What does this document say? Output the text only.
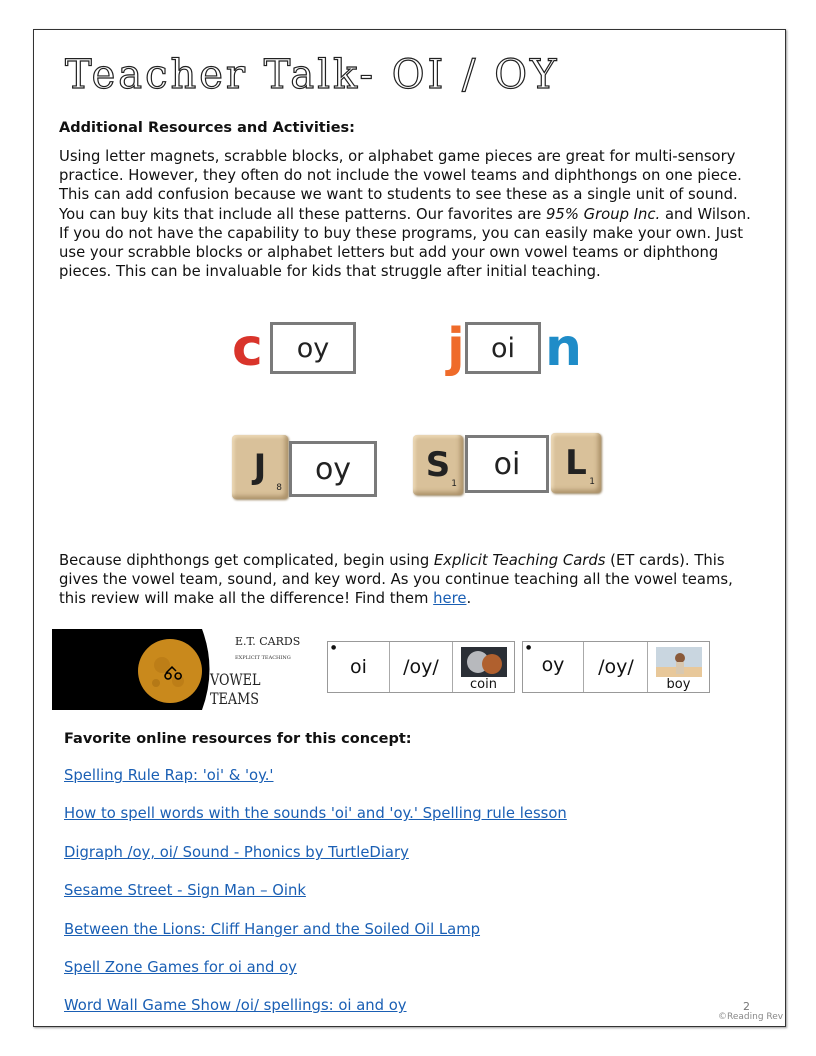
Teacher Talk- OI / OY
Additional Resources and Activities:
Using letter magnets, scrabble blocks, or alphabet game pieces are great for multi-sensory practice. However, they often do not include the vowel teams and diphthongs on one piece. This can add confusion because we want to students to see these as a single unit of sound. You can buy kits that include all these patterns. Our favorites are 95% Group Inc. and Wilson. If you do not have the capability to buy these programs, you can easily make your own. Just use your scrabble blocks or alphabet letters but add your own vowel teams or diphthong pieces. This can be invaluable for kids that struggle after initial teaching.
c	oy	j oi n
J
8
oy	S 1
oi	L 1
Because diphthongs get complicated, begin using Explicit Teaching Cards (ET cards). This gives the vowel team, sound, and key word. As you continue teaching all the vowel teams, this review will make all the difference! Find them here.
E.T. CARDS
EXPLICIT TEACHING
VOWEL TEAMS
●
oi	/oy/
coin
●
oy	/oy/
boy
Favorite online resources for this concept:
Spelling Rule Rap: 'oi' & 'oy.'
How to spell words with the sounds 'oi' and 'oy.' Spelling rule lesson
Digraph /oy, oi/ Sound - Phonics by TurtleDiary
Sesame Street - Sign Man – Oink
Between the Lions: Cliff Hanger and the Soiled Oil Lamp
Spell Zone Games for oi and oy
Word Wall Game Show /oi/ spellings: oi and oy	2
©Reading Rev
